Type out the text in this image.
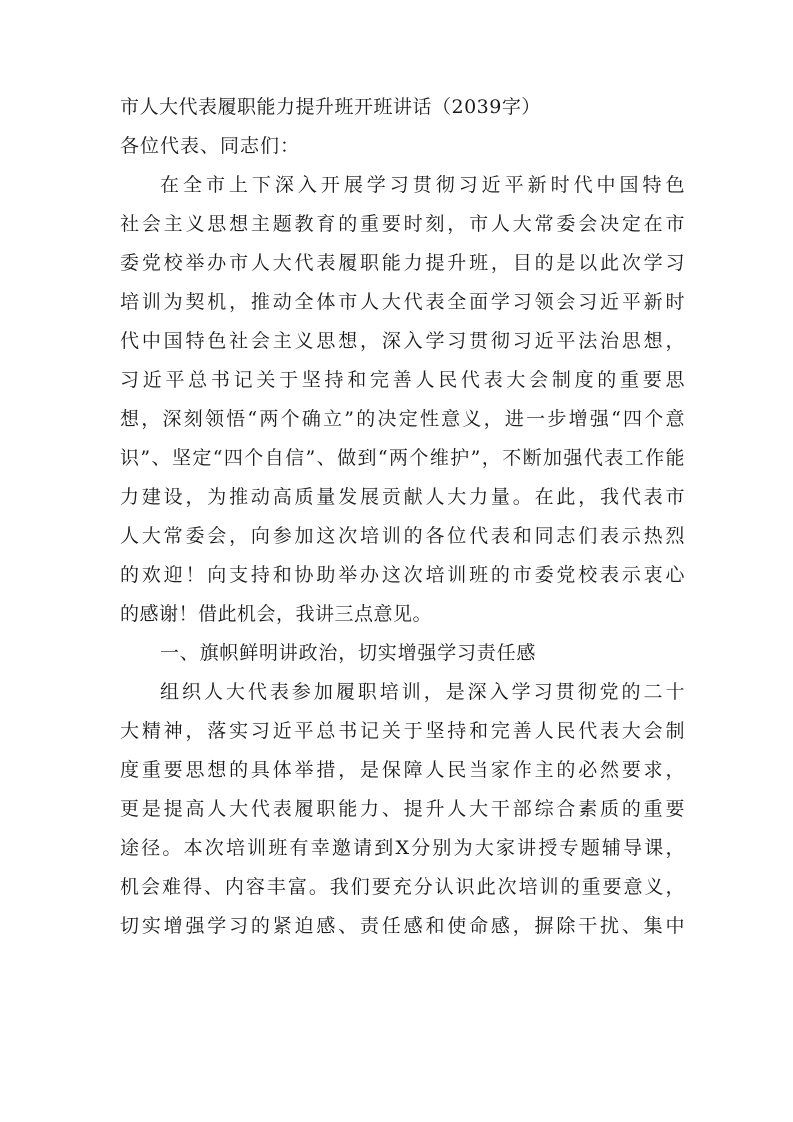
市人大代表履职能力提升班开班讲话（2039字）

各位代表、同志们：

在全市上下深入开展学习贯彻习近平新时代中国特色

社会主义思想主题教育的重要时刻，市人大常委会决定在市

委党校举办市人大代表履职能力提升班，目的是以此次学习

培训为契机，推动全体市人大代表全面学习领会习近平新时

代中国特色社会主义思想，深入学习贯彻习近平法治思想，

习近平总书记关于坚持和完善人民代表大会制度的重要思

想，深刻领悟“两个确立”的决定性意义，进一步增强“四个意

识”、坚定“四个自信”、做到“两个维护”，不断加强代表工作能

力建设，为推动高质量发展贡献人大力量。在此，我代表市

人大常委会，向参加这次培训的各位代表和同志们表示热烈

的欢迎！向支持和协助举办这次培训班的市委党校表示衷心

的感谢！借此机会，我讲三点意见。

一、旗帜鲜明讲政治，切实增强学习责任感

组织人大代表参加履职培训，是深入学习贯彻党的二十

大精神，落实习近平总书记关于坚持和完善人民代表大会制

度重要思想的具体举措，是保障人民当家作主的必然要求，

更是提高人大代表履职能力、提升人大干部综合素质的重要

途径。本次培训班有幸邀请到X分别为大家讲授专题辅导课，

机会难得、内容丰富。我们要充分认识此次培训的重要意义，

切实增强学习的紧迫感、责任感和使命感，摒除干扰、集中
